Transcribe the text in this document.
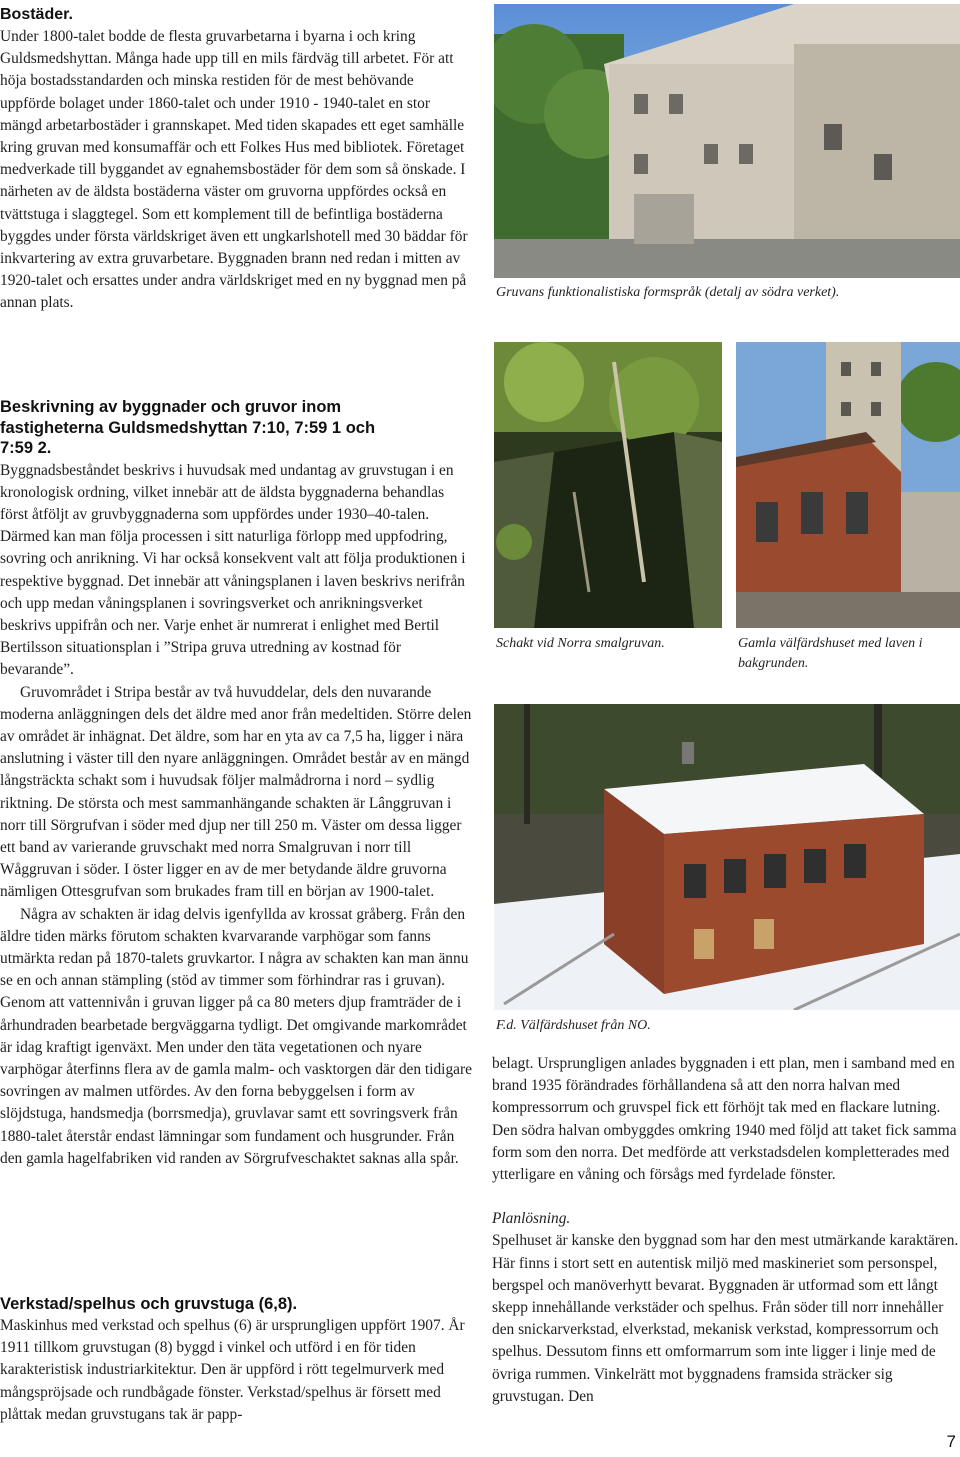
Bostäder.

Under 1800-talet bodde de flesta gruvarbetarna i byarna i och kring Guldsmedshyttan. Många hade upp till en mils färdväg till arbetet. För att höja bostadsstandarden och minska restiden för de mest behövande uppförde bolaget under 1860-talet och under 1910 - 1940-talet en stor mängd arbetarbostäder i grannskapet. Med tiden skapades ett eget samhälle kring gruvan med konsumaffär och ett Folkes Hus med bibliotek. Företaget medverkade till byggandet av egnahemsbostäder för dem som så önskade. I närheten av de äldsta bostäderna väster om gruvorna uppfördes också en tvättstuga i slaggtegel. Som ett komplement till de befintliga bostäderna byggdes under första världskriget även ett ungkarlshotell med 30 bäddar för inkvartering av extra gruvarbetare. Byggnaden brann ned redan i mitten av 1920-talet och ersattes under andra världskriget med en ny byggnad men på annan plats.

Beskrivning av byggnader och gruvor inom fastigheterna Guldsmedshyttan 7:10, 7:59 1 och 7:59 2.

Byggnadsbeståndet beskrivs i huvudsak med undantag av gruvstugan i en kronologisk ordning, vilket innebär att de äldsta byggnaderna behandlas först åtföljt av gruvbyggnaderna som uppfördes under 1930–40-talen. Därmed kan man följa processen i sitt naturliga förlopp med uppfodring, sovring och anrikning. Vi har också konsekvent valt att följa produktionen i respektive byggnad. Det innebär att våningsplanen i laven beskrivs nerifrån och upp medan våningsplanen i sovringsverket och anrikningsverket beskrivs uppifrån och ner. Varje enhet är numrerat i enlighet med Bertil Bertilsson situationsplan i ”Stripa gruva utredning av kostnad för bevarande”.

Gruvområdet i Stripa består av två huvuddelar, dels den nuvarande moderna anläggningen dels det äldre med anor från medeltiden. Större delen av området är inhägnat. Det äldre, som har en yta av ca 7,5 ha, ligger i nära anslutning i väster till den nyare anläggningen. Området består av en mängd långsträckta schakt som i huvudsak följer malmådrorna i nord – sydlig riktning. De största och mest sammanhängande schakten är Lânggruvan i norr till Sörgrufvan i söder med djup ner till 250 m. Väster om dessa ligger ett band av varierande gruvschakt med norra Smalgruvan i norr till Wåggruvan i söder. I öster ligger en av de mer betydande äldre gruvorna nämligen Ottesgrufvan som brukades fram till en början av 1900-talet.

Några av schakten är idag delvis igenfyllda av krossat gråberg. Från den äldre tiden märks förutom schakten kvarvarande varphögar som fanns utmärkta redan på 1870-talets gruvkartor. I några av schakten kan man ännu se en och annan stämpling (stöd av timmer som förhindrar ras i gruvan). Genom att vattennivån i gruvan ligger på ca 80 meters djup framträder de i århundraden bearbetade bergväggarna tydligt. Det omgivande markområdet är idag kraftigt igenväxt. Men under den täta vegetationen och nyare varphögar återfinns flera av de gamla malm- och vasktorgen där den tidigare sovringen av malmen utfördes. Av den forna bebyggelsen i form av slöjdstuga, handsmedja (borrsmedja), gruvlavar samt ett sovringsverk från 1880-talet återstår endast lämningar som fundament och husgrunder. Från den gamla hagelfabriken vid randen av Sörgrufveschaktet saknas alla spår.

Verkstad/spelhus och gruvstuga (6,8).

Maskinhus med verkstad och spelhus (6) är ursprungligen uppfört 1907. År 1911 tillkom gruvstugan (8) byggd i vinkel och utförd i en för tiden karakteristisk industriarkitektur. Den är uppförd i rött tegelmurverk med mångspröjsade och rundbågade fönster. Verkstad/spelhus är försett med plåttak medan gruvstugans tak är papp-

Gruvans funktionalistiska formspråk (detalj av södra verket).
Schakt vid Norra smalgruvan.	Gamla välfärdshuset med laven i bakgrunden.
F.d. Välfärdshuset från NO.

belagt. Ursprungligen anlades byggnaden i ett plan, men i samband med en brand 1935 förändrades förhållandena så att den norra halvan med kompressorrum och gruvspel fick ett förhöjt tak med en flackare lutning. Den södra halvan ombyggdes omkring 1940 med följd att taket fick samma form som den norra. Det medförde att verkstadsdelen kompletterades med ytterligare en våning och försågs med fyrdelade fönster.

Planlösning.

Spelhuset är kanske den byggnad som har den mest utmärkande karaktären. Här finns i stort sett en autentisk miljö med maskineriet som personspel, bergspel och manöverhytt bevarat. Byggnaden är utformad som ett långt skepp innehållande verkstäder och spelhus. Från söder till norr innehåller den snickarverkstad, elverkstad, mekanisk verkstad, kompressorrum och spelhus. Dessutom finns ett omformarrum som inte ligger i linje med de övriga rummen. Vinkelrätt mot byggnadens framsida sträcker sig gruvstugan. Den

7
